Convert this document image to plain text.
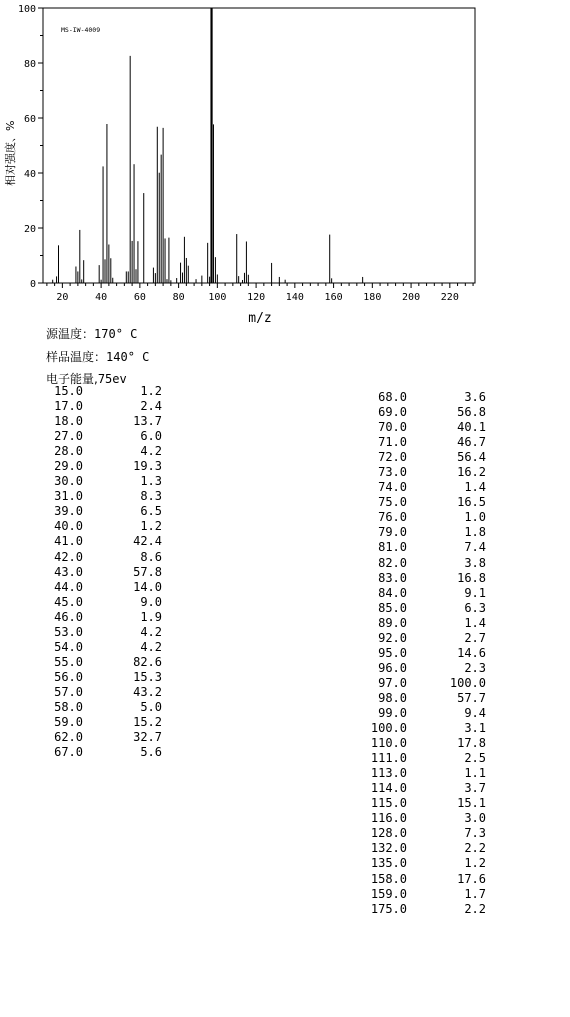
0
20
40
60
80
100
20	40	60	80 100 120 140 160 180 200 220
MS-IW-4009
相对强度、%
m/z
源温度：170° C
样品温度：140° C
电子能量,75ev
15.0	1.2
17.0	2.4
18.0	13.7
27.0	6.0
28.0	4.2
29.0	19.3
30.0	1.3
31.0	8.3
39.0	6.5
40.0	1.2
41.0	42.4
42.0	8.6
43.0	57.8
44.0	14.0
45.0	9.0
46.0	1.9
53.0	4.2
54.0	4.2
55.0	82.6
56.0	15.3
57.0	43.2
58.0	5.0
59.0	15.2
62.0	32.7
67.0	5.6
68.0	3.6
69.0	56.8
70.0	40.1
71.0	46.7
72.0	56.4
73.0	16.2
74.0	1.4
75.0	16.5
76.0	1.0
79.0	1.8
81.0	7.4
82.0	3.8
83.0	16.8
84.0	9.1
85.0	6.3
89.0	1.4
92.0	2.7
95.0	14.6
96.0	2.3
97.0	100.0
98.0	57.7
99.0	9.4
100.0	3.1
110.0	17.8
111.0	2.5
113.0	1.1
114.0	3.7
115.0	15.1
116.0	3.0
128.0	7.3
132.0	2.2
135.0	1.2
158.0	17.6
159.0	1.7
175.0	2.2
